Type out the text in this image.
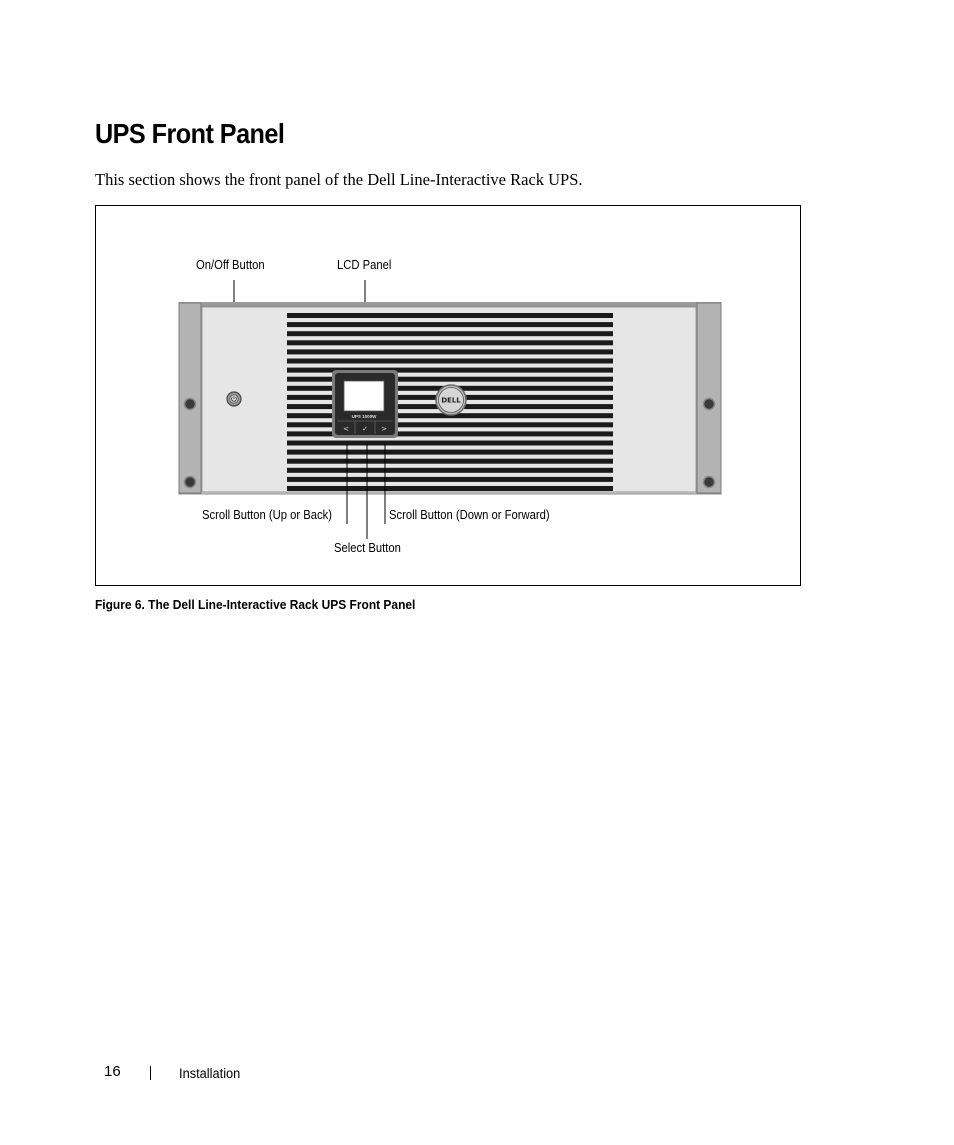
UPS Front Panel
This section shows the front panel of the Dell Line-Interactive Rack UPS.
UPS 1000W
< ✓ >
DELL
On/Off Button	LCD Panel
Scroll Button (Up or Back)	Scroll Button (Down or Forward)
Select Button
Figure 6. The Dell Line-Interactive Rack UPS Front Panel
16	Installation
